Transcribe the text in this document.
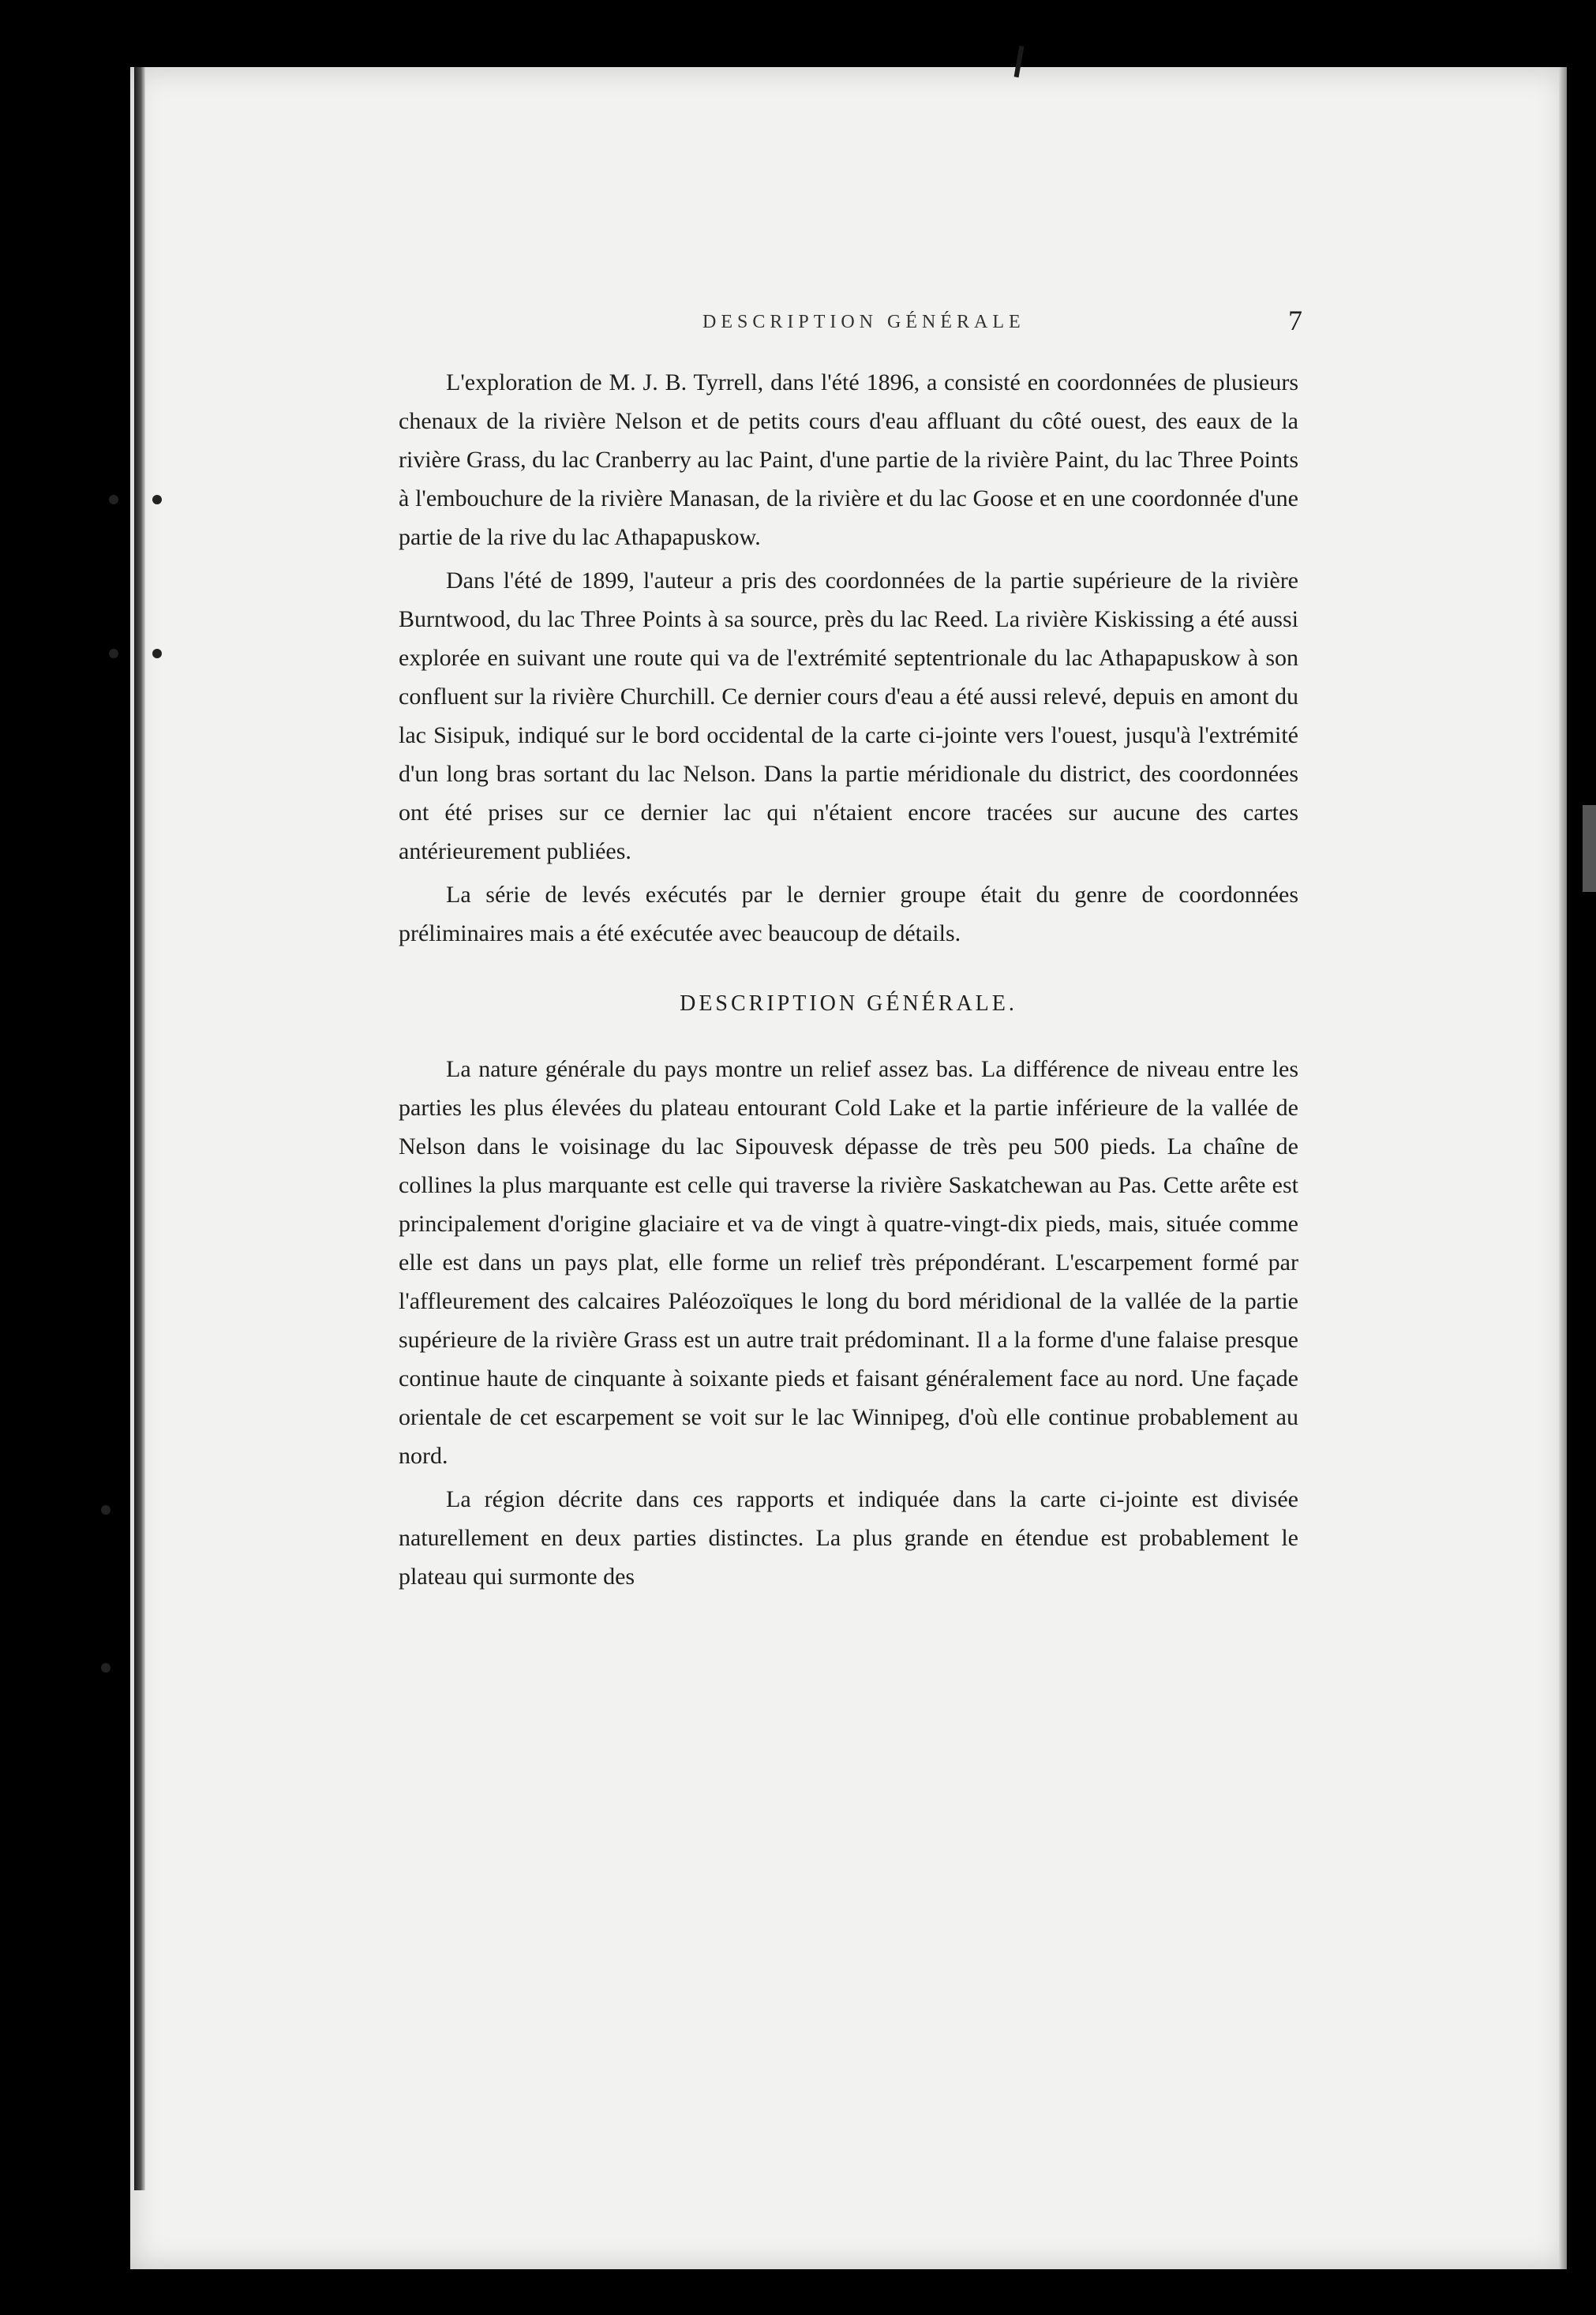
DESCRIPTION GÉNÉRALE	7

L'exploration de M. J. B. Tyrrell, dans l'été 1896, a consisté en coordonnées de plusieurs chenaux de la rivière Nelson et de petits cours d'eau affluant du côté ouest, des eaux de la rivière Grass, du lac Cranberry au lac Paint, d'une partie de la rivière Paint, du lac Three Points à l'embouchure de la rivière Manasan, de la rivière et du lac Goose et en une coordonnée d'une partie de la rive du lac Athapapuskow.

Dans l'été de 1899, l'auteur a pris des coordonnées de la partie supérieure de la rivière Burntwood, du lac Three Points à sa source, près du lac Reed. La rivière Kiskissing a été aussi explorée en suivant une route qui va de l'extrémité septentrionale du lac Athapapuskow à son confluent sur la rivière Churchill. Ce dernier cours d'eau a été aussi relevé, depuis en amont du lac Sisipuk, indiqué sur le bord occidental de la carte ci-jointe vers l'ouest, jusqu'à l'extrémité d'un long bras sortant du lac Nelson. Dans la partie méridionale du district, des coordonnées ont été prises sur ce dernier lac qui n'étaient encore tracées sur aucune des cartes antérieurement publiées.

La série de levés exécutés par le dernier groupe était du genre de coordonnées préliminaires mais a été exécutée avec beaucoup de détails.

DESCRIPTION GÉNÉRALE.

La nature générale du pays montre un relief assez bas. La différence de niveau entre les parties les plus élevées du plateau entourant Cold Lake et la partie inférieure de la vallée de Nelson dans le voisinage du lac Sipouvesk dépasse de très peu 500 pieds. La chaîne de collines la plus marquante est celle qui traverse la rivière Saskatchewan au Pas. Cette arête est principalement d'origine glaciaire et va de vingt à quatre-vingt-dix pieds, mais, située comme elle est dans un pays plat, elle forme un relief très prépondérant. L'escarpement formé par l'affleurement des calcaires Paléozoïques le long du bord méridional de la vallée de la partie supérieure de la rivière Grass est un autre trait prédominant. Il a la forme d'une falaise presque continue haute de cinquante à soixante pieds et faisant généralement face au nord. Une façade orientale de cet escarpement se voit sur le lac Winnipeg, d'où elle continue probablement au nord.

La région décrite dans ces rapports et indiquée dans la carte ci-jointe est divisée naturellement en deux parties distinctes. La plus grande en étendue est probablement le plateau qui surmonte des
